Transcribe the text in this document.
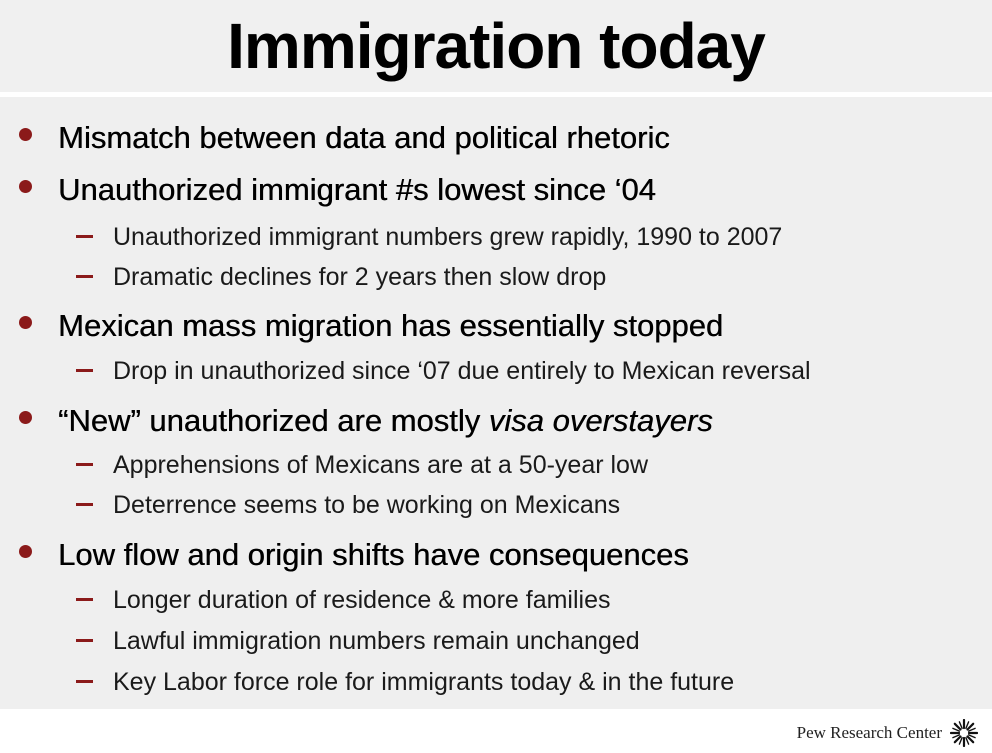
Immigration today
Mismatch between data and political rhetoric
Unauthorized immigrant #s lowest since ‘04
Unauthorized immigrant numbers grew rapidly, 1990 to 2007
Dramatic declines for 2 years then slow drop
Mexican mass migration has essentially stopped
Drop in unauthorized since ‘07 due entirely to Mexican reversal
“New” unauthorized are mostly visa overstayers
Apprehensions of Mexicans are at a 50-year low
Deterrence seems to be working on Mexicans
Low flow and origin shifts have consequences
Longer duration of residence & more families
Lawful immigration numbers remain unchanged
Key Labor force role for immigrants today & in the future
Pew Research Center
